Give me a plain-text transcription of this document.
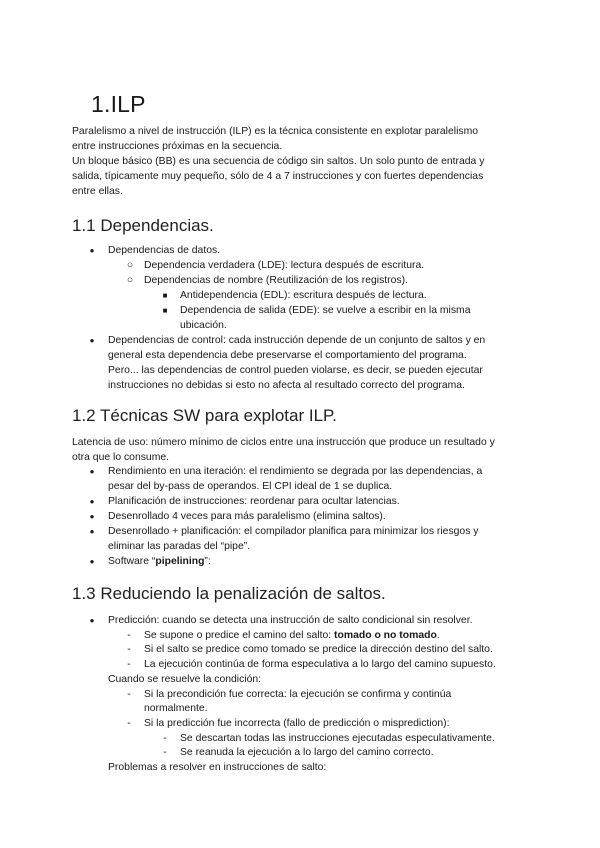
1.ILP
Paralelismo a nivel de instrucción (ILP) es la técnica consistente en explotar paralelismo
entre instrucciones próximas en la secuencia.
Un bloque básico (BB) es una secuencia de código sin saltos. Un solo punto de entrada y
salida, típicamente muy pequeño, sólo de 4 a 7 instrucciones y con fuertes dependencias
entre ellas.
1.1 Dependencias.
● Dependencias de datos.
○ Dependencia verdadera (LDE): lectura después de escritura.
○ Dependencias de nombre (Reutilización de los registros).
■ Antidependencia (EDL): escritura después de lectura.
■ Dependencia de salida (EDE): se vuelve a escribir en la misma
ubicación.
● Dependencias de control: cada instrucción depende de un conjunto de saltos y en
general esta dependencia debe preservarse el comportamiento del programa.
Pero... las dependencias de control pueden violarse, es decir, se pueden ejecutar
instrucciones no debidas si esto no afecta al resultado correcto del programa.
1.2 Técnicas SW para explotar ILP.
Latencia de uso: número mínimo de ciclos entre una instrucción que produce un resultado y
otra que lo consume.
● Rendimiento en una iteración: el rendimiento se degrada por las dependencias, a
pesar del by-pass de operandos. El CPI ideal de 1 se duplica.
● Planificación de instrucciones: reordenar para ocultar latencias.
● Desenrollado 4 veces para más paralelismo (elimina saltos).
● Desenrollado + planificación: el compilador planifica para minimizar los riesgos y
eliminar las paradas del “pipe”.
● Software “pipelining”:
1.3 Reduciendo la penalización de saltos.
● Predicción: cuando se detecta una instrucción de salto condicional sin resolver.
-	Se supone o predice el camino del salto: tomado o no tomado.
-	Si el salto se predice como tomado se predice la dirección destino del salto.
-	La ejecución continúa de forma especulativa a lo largo del camino supuesto.
Cuando se resuelve la condición:
-	Si la precondición fue correcta: la ejecución se confirma y continúa
normalmente.
-	Si la predicción fue incorrecta (fallo de predicción o misprediction):
-	Se descartan todas las instrucciones ejecutadas especulativamente.
-	Se reanuda la ejecución a lo largo del camino correcto.
Problemas a resolver en instrucciones de salto:
